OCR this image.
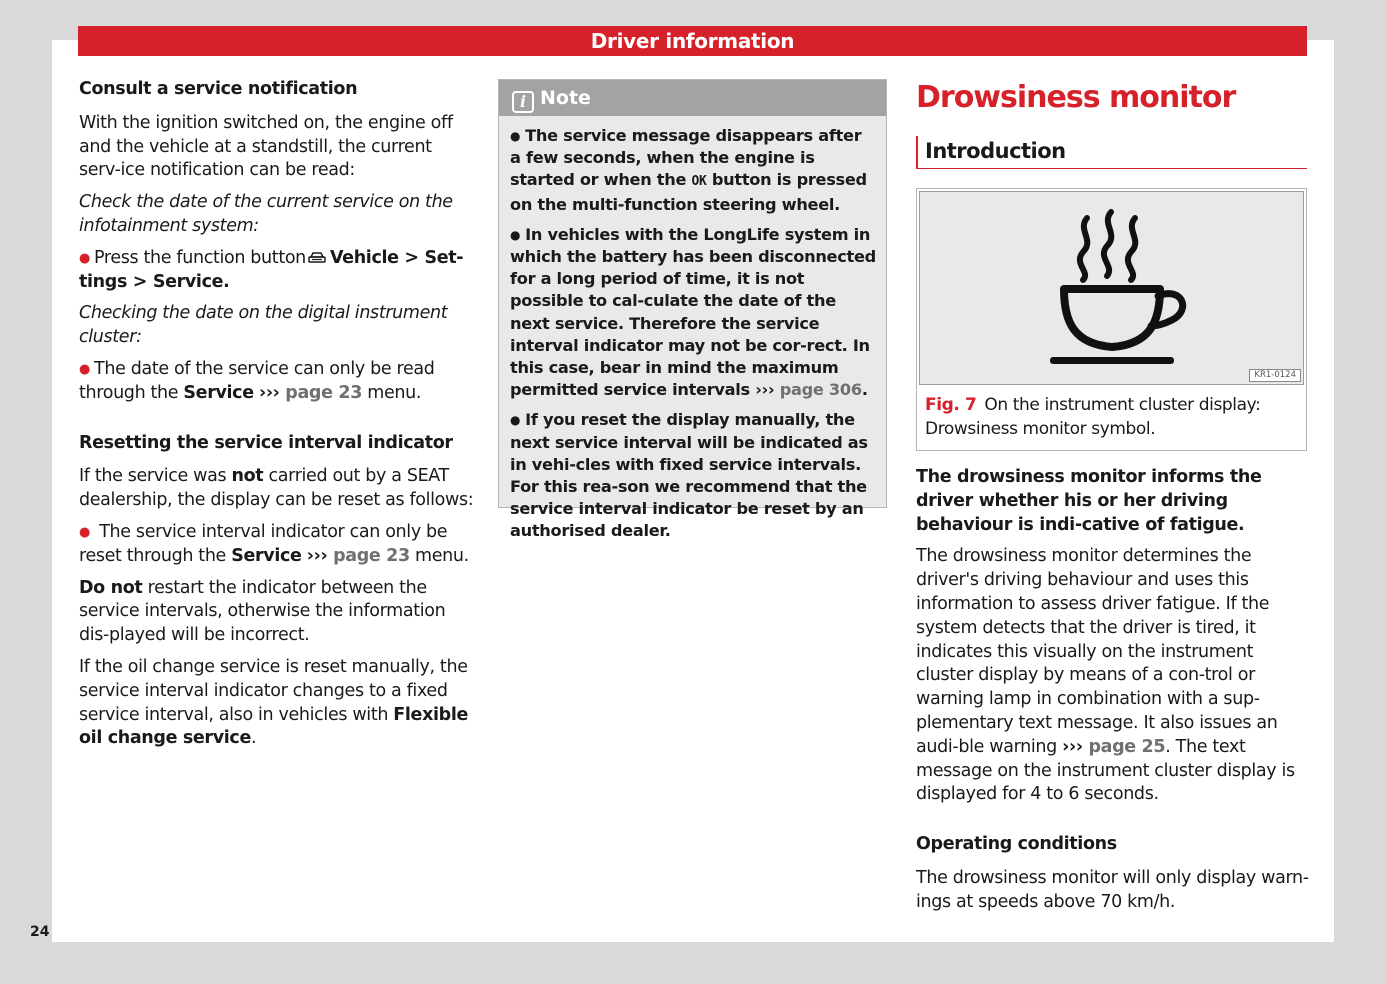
Driver information
Consult a service notification

With the ignition switched on, the engine off and the vehicle at a standstill, the current serv-ice notification can be read:

Check the date of the current service on the infotainment system:

● Press the function button Vehicle > Set-tings > Service.

Checking the date on the digital instrument cluster:

● The date of the service can only be read through the Service ››› page 23 menu.

Resetting the service interval indicator

If the service was not carried out by a SEAT dealership, the display can be reset as follows:

● The service interval indicator can only be reset through the Service ››› page 23 menu.

Do not restart the indicator between the service intervals, otherwise the information dis-played will be incorrect.

If the oil change service is reset manually, the service interval indicator changes to a fixed service interval, also in vehicles with Flexible oil change service.

i Note

● The service message disappears after a few seconds, when the engine is started or when the OK button is pressed on the multi-function steering wheel.

● In vehicles with the LongLife system in which the battery has been disconnected for a long period of time, it is not possible to cal-culate the date of the next service. Therefore the service interval indicator may not be cor-rect. In this case, bear in mind the maximum permitted service intervals ››› page 306.

● If you reset the display manually, the next service interval will be indicated as in vehi-cles with fixed service intervals. For this rea-son we recommend that the service interval indicator be reset by an authorised dealer.

Drowsiness monitor
Introduction
KR1-0124
Fig. 7 On the instrument cluster display: Drowsiness monitor symbol.

The drowsiness monitor informs the driver whether his or her driving behaviour is indi-cative of fatigue.

The drowsiness monitor determines the driver's driving behaviour and uses this information to assess driver fatigue. If the system detects that the driver is tired, it indicates this visually on the instrument cluster display by means of a con-trol or warning lamp in combination with a sup-plementary text message. It also issues an audi-ble warning ››› page 25. The text message on the instrument cluster display is displayed for 4 to 6 seconds.

Operating conditions

The drowsiness monitor will only display warn-ings at speeds above 70 km/h.

24
